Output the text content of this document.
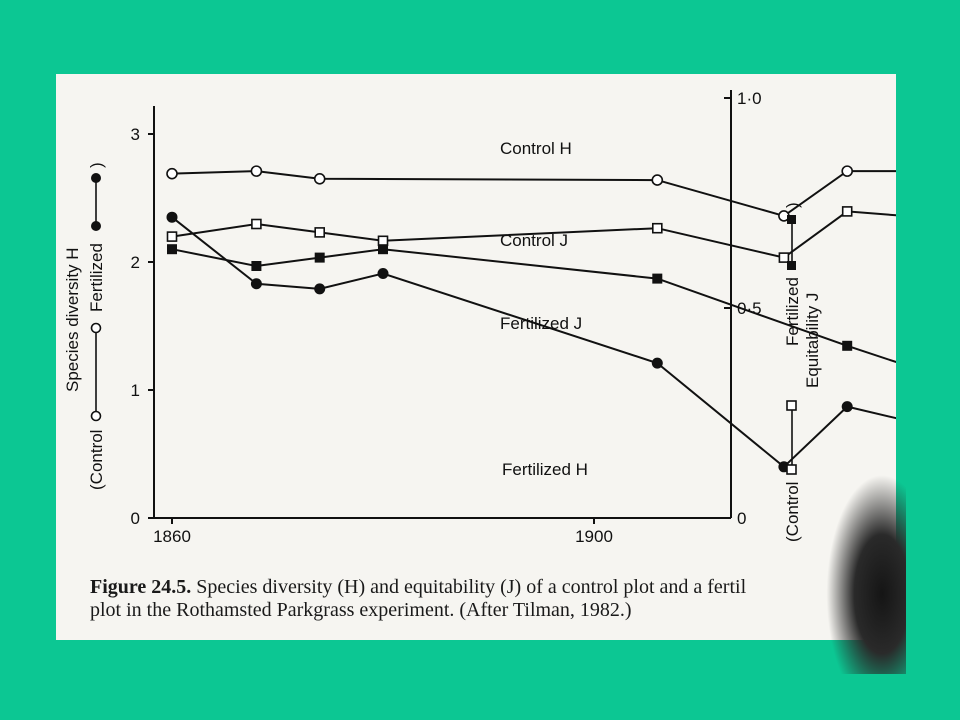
0
1
2
3
0
0·5
1·0
1860	1900
Control H
Control J
Fertilized J
Fertilized H
(Control
Fertilized
)
Species diversity H
(Control
Fertilized
)
Equitability J
Figure 24.5. Species diversity (H) and equitability (J) of a control plot and a fertil
plot in the Rothamsted Parkgrass experiment. (After Tilman, 1982.)
